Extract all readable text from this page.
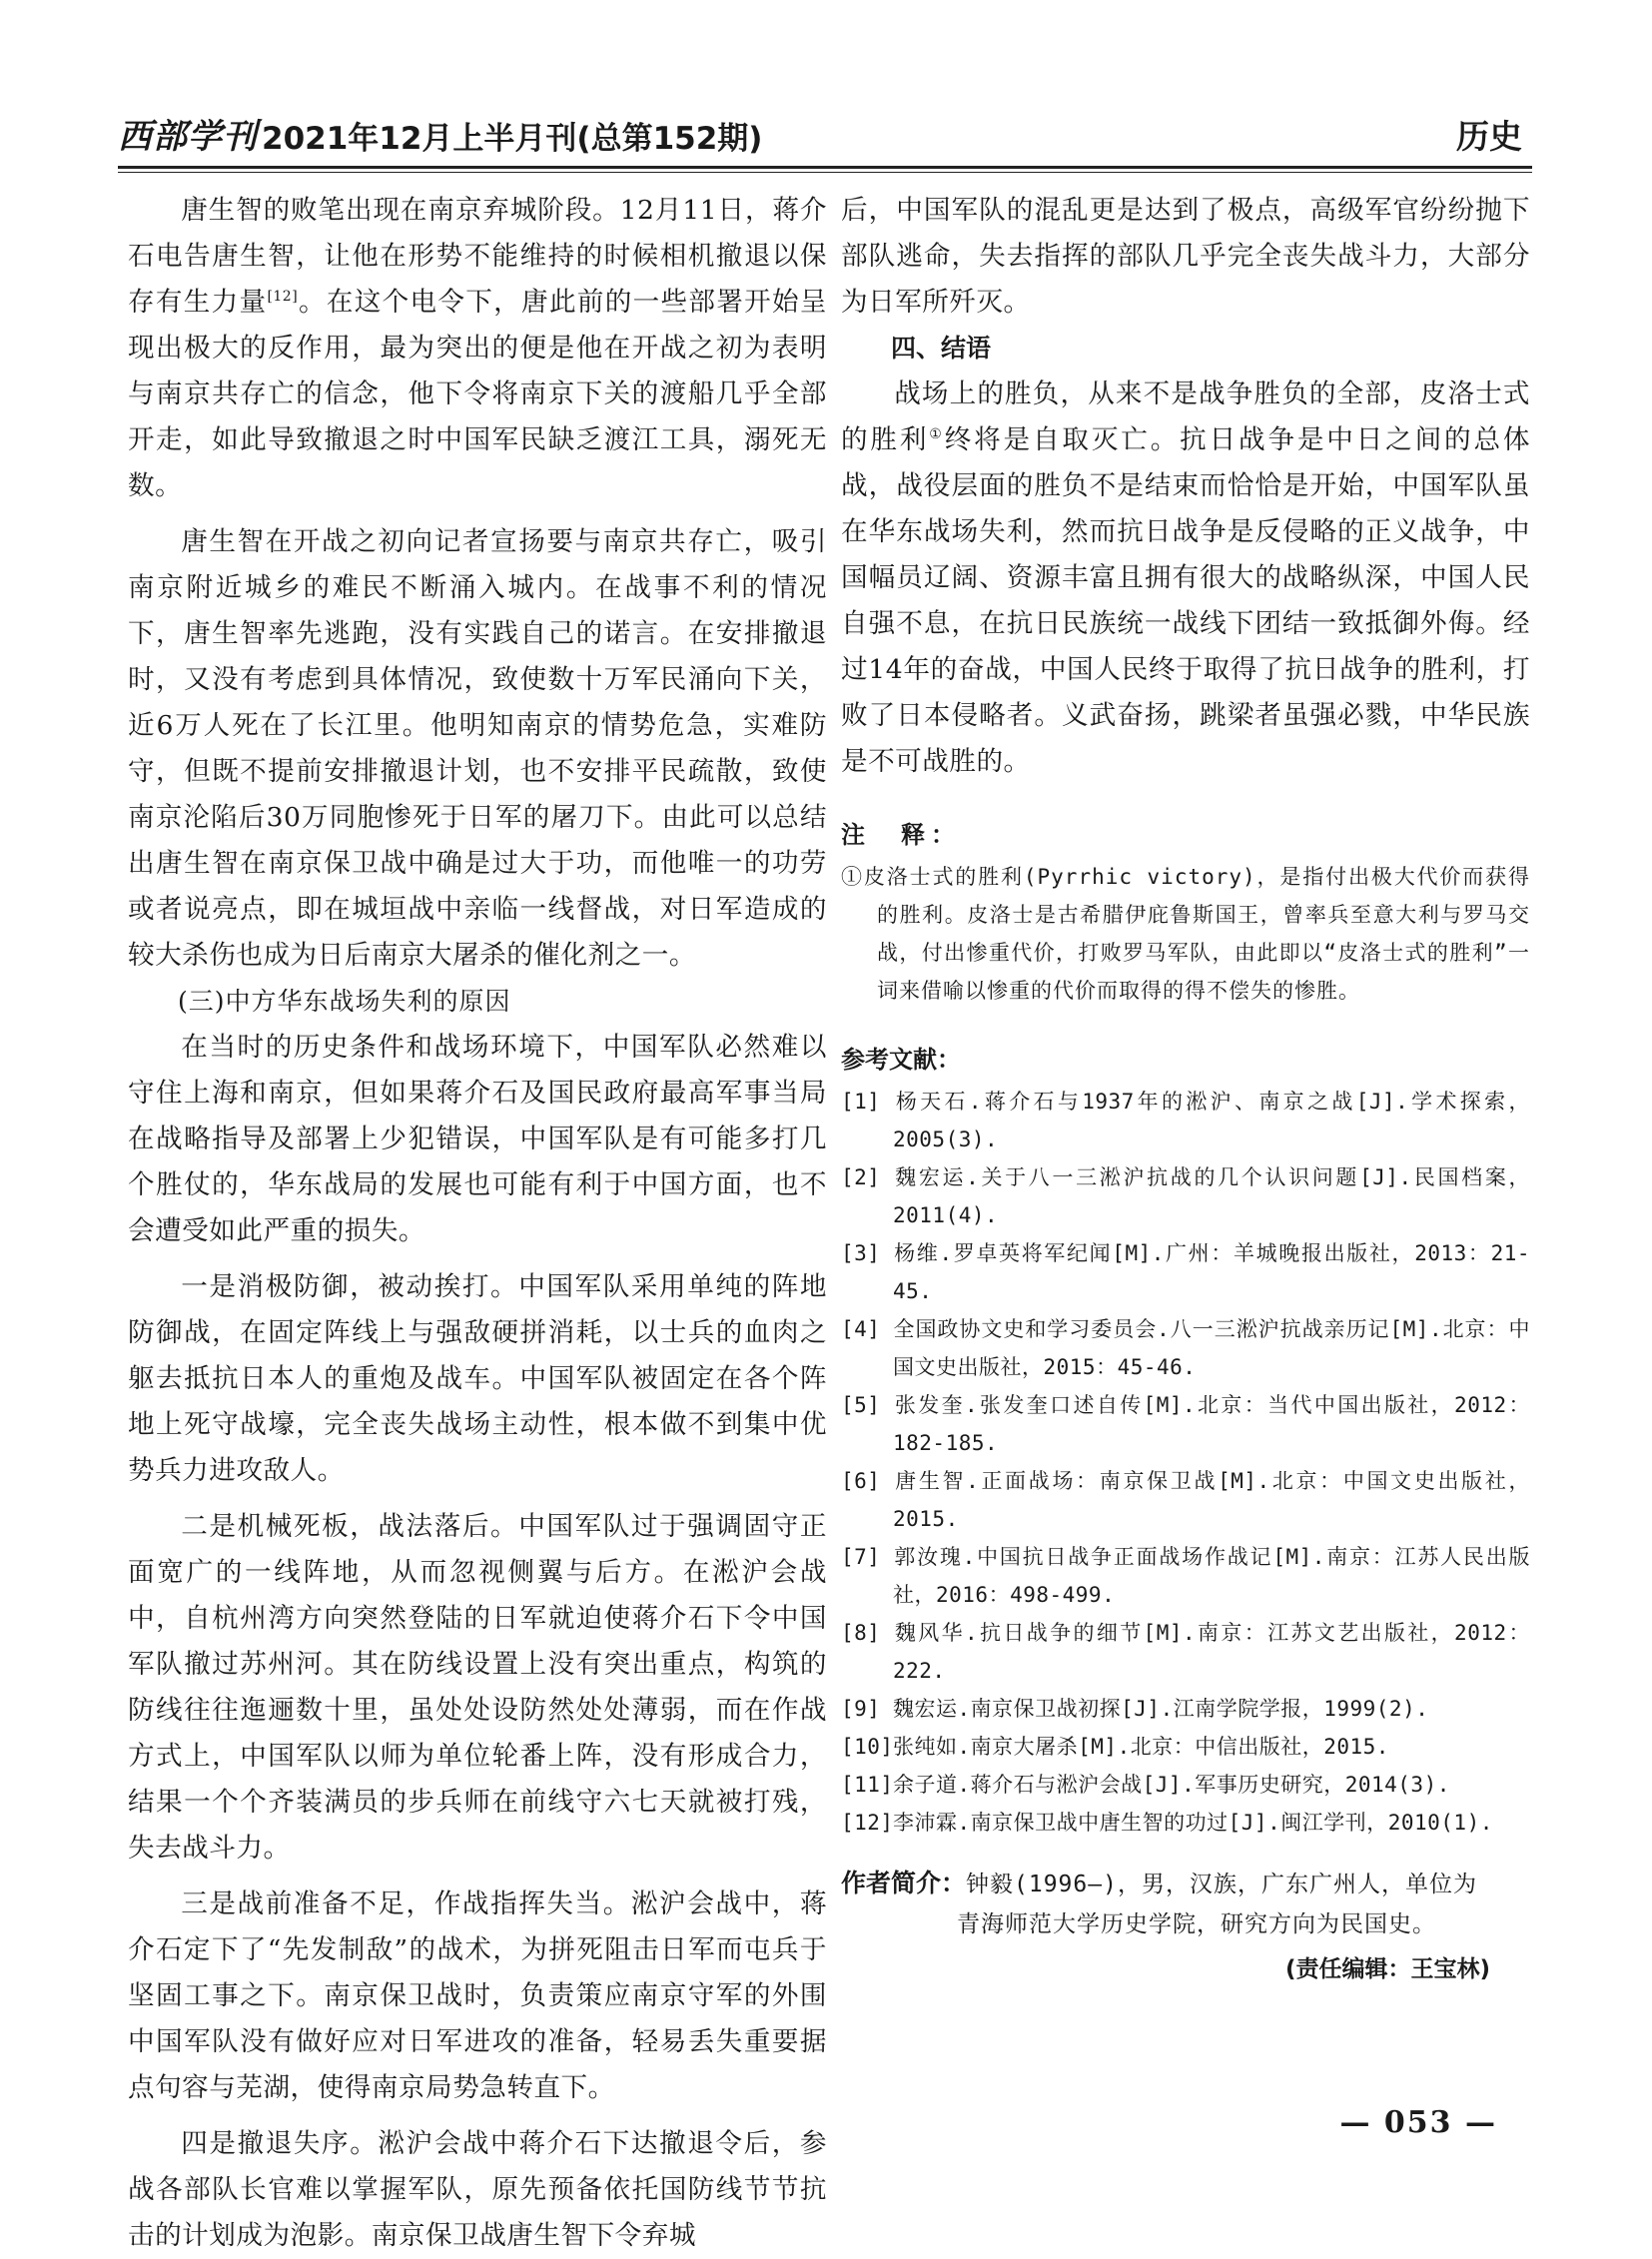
西部学刊 2021年12月上半月刊(总第152期)	历史

唐生智的败笔出现在南京弃城阶段。12月11日，蒋介石电告唐生智，让他在形势不能维持的时候相机撤退以保存有生力量[12]。在这个电令下，唐此前的一些部署开始呈现出极大的反作用，最为突出的便是他在开战之初为表明与南京共存亡的信念，他下令将南京下关的渡船几乎全部开走，如此导致撤退之时中国军民缺乏渡江工具，溺死无数。

唐生智在开战之初向记者宣扬要与南京共存亡，吸引南京附近城乡的难民不断涌入城内。在战事不利的情况下，唐生智率先逃跑，没有实践自己的诺言。在安排撤退时，又没有考虑到具体情况，致使数十万军民涌向下关，近6万人死在了长江里。他明知南京的情势危急，实难防守，但既不提前安排撤退计划，也不安排平民疏散，致使南京沦陷后30万同胞惨死于日军的屠刀下。由此可以总结出唐生智在南京保卫战中确是过大于功，而他唯一的功劳或者说亮点，即在城垣战中亲临一线督战，对日军造成的较大杀伤也成为日后南京大屠杀的催化剂之一。

(三)中方华东战场失利的原因

在当时的历史条件和战场环境下，中国军队必然难以守住上海和南京，但如果蒋介石及国民政府最高军事当局在战略指导及部署上少犯错误，中国军队是有可能多打几个胜仗的，华东战局的发展也可能有利于中国方面，也不会遭受如此严重的损失。

一是消极防御，被动挨打。中国军队采用单纯的阵地防御战，在固定阵线上与强敌硬拼消耗，以士兵的血肉之躯去抵抗日本人的重炮及战车。中国军队被固定在各个阵地上死守战壕，完全丧失战场主动性，根本做不到集中优势兵力进攻敌人。

二是机械死板，战法落后。中国军队过于强调固守正面宽广的一线阵地，从而忽视侧翼与后方。在淞沪会战中，自杭州湾方向突然登陆的日军就迫使蒋介石下令中国军队撤过苏州河。其在防线设置上没有突出重点，构筑的防线往往迤逦数十里，虽处处设防然处处薄弱，而在作战方式上，中国军队以师为单位轮番上阵，没有形成合力，结果一个个齐装满员的步兵师在前线守六七天就被打残，失去战斗力。

三是战前准备不足，作战指挥失当。淞沪会战中，蒋介石定下了“先发制敌”的战术，为拼死阻击日军而屯兵于坚固工事之下。南京保卫战时，负责策应南京守军的外围中国军队没有做好应对日军进攻的准备，轻易丢失重要据点句容与芜湖，使得南京局势急转直下。

四是撤退失序。淞沪会战中蒋介石下达撤退令后，参战各部队长官难以掌握军队，原先预备依托国防线节节抗击的计划成为泡影。南京保卫战唐生智下令弃城

后，中国军队的混乱更是达到了极点，高级军官纷纷抛下部队逃命，失去指挥的部队几乎完全丧失战斗力，大部分为日军所歼灭。

四、结语

战场上的胜负，从来不是战争胜负的全部，皮洛士式的胜利①终将是自取灭亡。抗日战争是中日之间的总体战，战役层面的胜负不是结束而恰恰是开始，中国军队虽在华东战场失利，然而抗日战争是反侵略的正义战争，中国幅员辽阔、资源丰富且拥有很大的战略纵深，中国人民自强不息，在抗日民族统一战线下团结一致抵御外侮。经过14年的奋战，中国人民终于取得了抗日战争的胜利，打败了日本侵略者。义武奋扬，跳梁者虽强必戮，中华民族是不可战胜的。

注　释：

①皮洛士式的胜利(Pyrrhic victory)，是指付出极大代价而获得的胜利。皮洛士是古希腊伊庇鲁斯国王，曾率兵至意大利与罗马交战，付出惨重代价，打败罗马军队，由此即以“皮洛士式的胜利”一词来借喻以惨重的代价而取得的得不偿失的惨胜。

参考文献：

[1] 杨天石.蒋介石与1937年的淞沪、南京之战[J].学术探索，2005(3).

[2] 魏宏运.关于八一三淞沪抗战的几个认识问题[J].民国档案，2011(4).

[3] 杨维.罗卓英将军纪闻[M].广州：羊城晚报出版社，2013：21-45.

[4] 全国政协文史和学习委员会.八一三淞沪抗战亲历记[M].北京：中国文史出版社，2015：45-46.

[5] 张发奎.张发奎口述自传[M].北京：当代中国出版社，2012：182-185.

[6] 唐生智.正面战场：南京保卫战[M].北京：中国文史出版社，2015.

[7] 郭汝瑰.中国抗日战争正面战场作战记[M].南京：江苏人民出版社，2016：498-499.

[8] 魏风华.抗日战争的细节[M].南京：江苏文艺出版社，2012：222.

[9] 魏宏运.南京保卫战初探[J].江南学院学报，1999(2).

[10]张纯如.南京大屠杀[M].北京：中信出版社，2015.

[11]余子道.蒋介石与淞沪会战[J].军事历史研究，2014(3).

[12]李沛霖.南京保卫战中唐生智的功过[J].闽江学刊，2010(1).

作者简介：钟毅(1996—)，男，汉族，广东广州人，单位为
青海师范大学历史学院，研究方向为民国史。
(责任编辑：王宝林)
— 053 —
